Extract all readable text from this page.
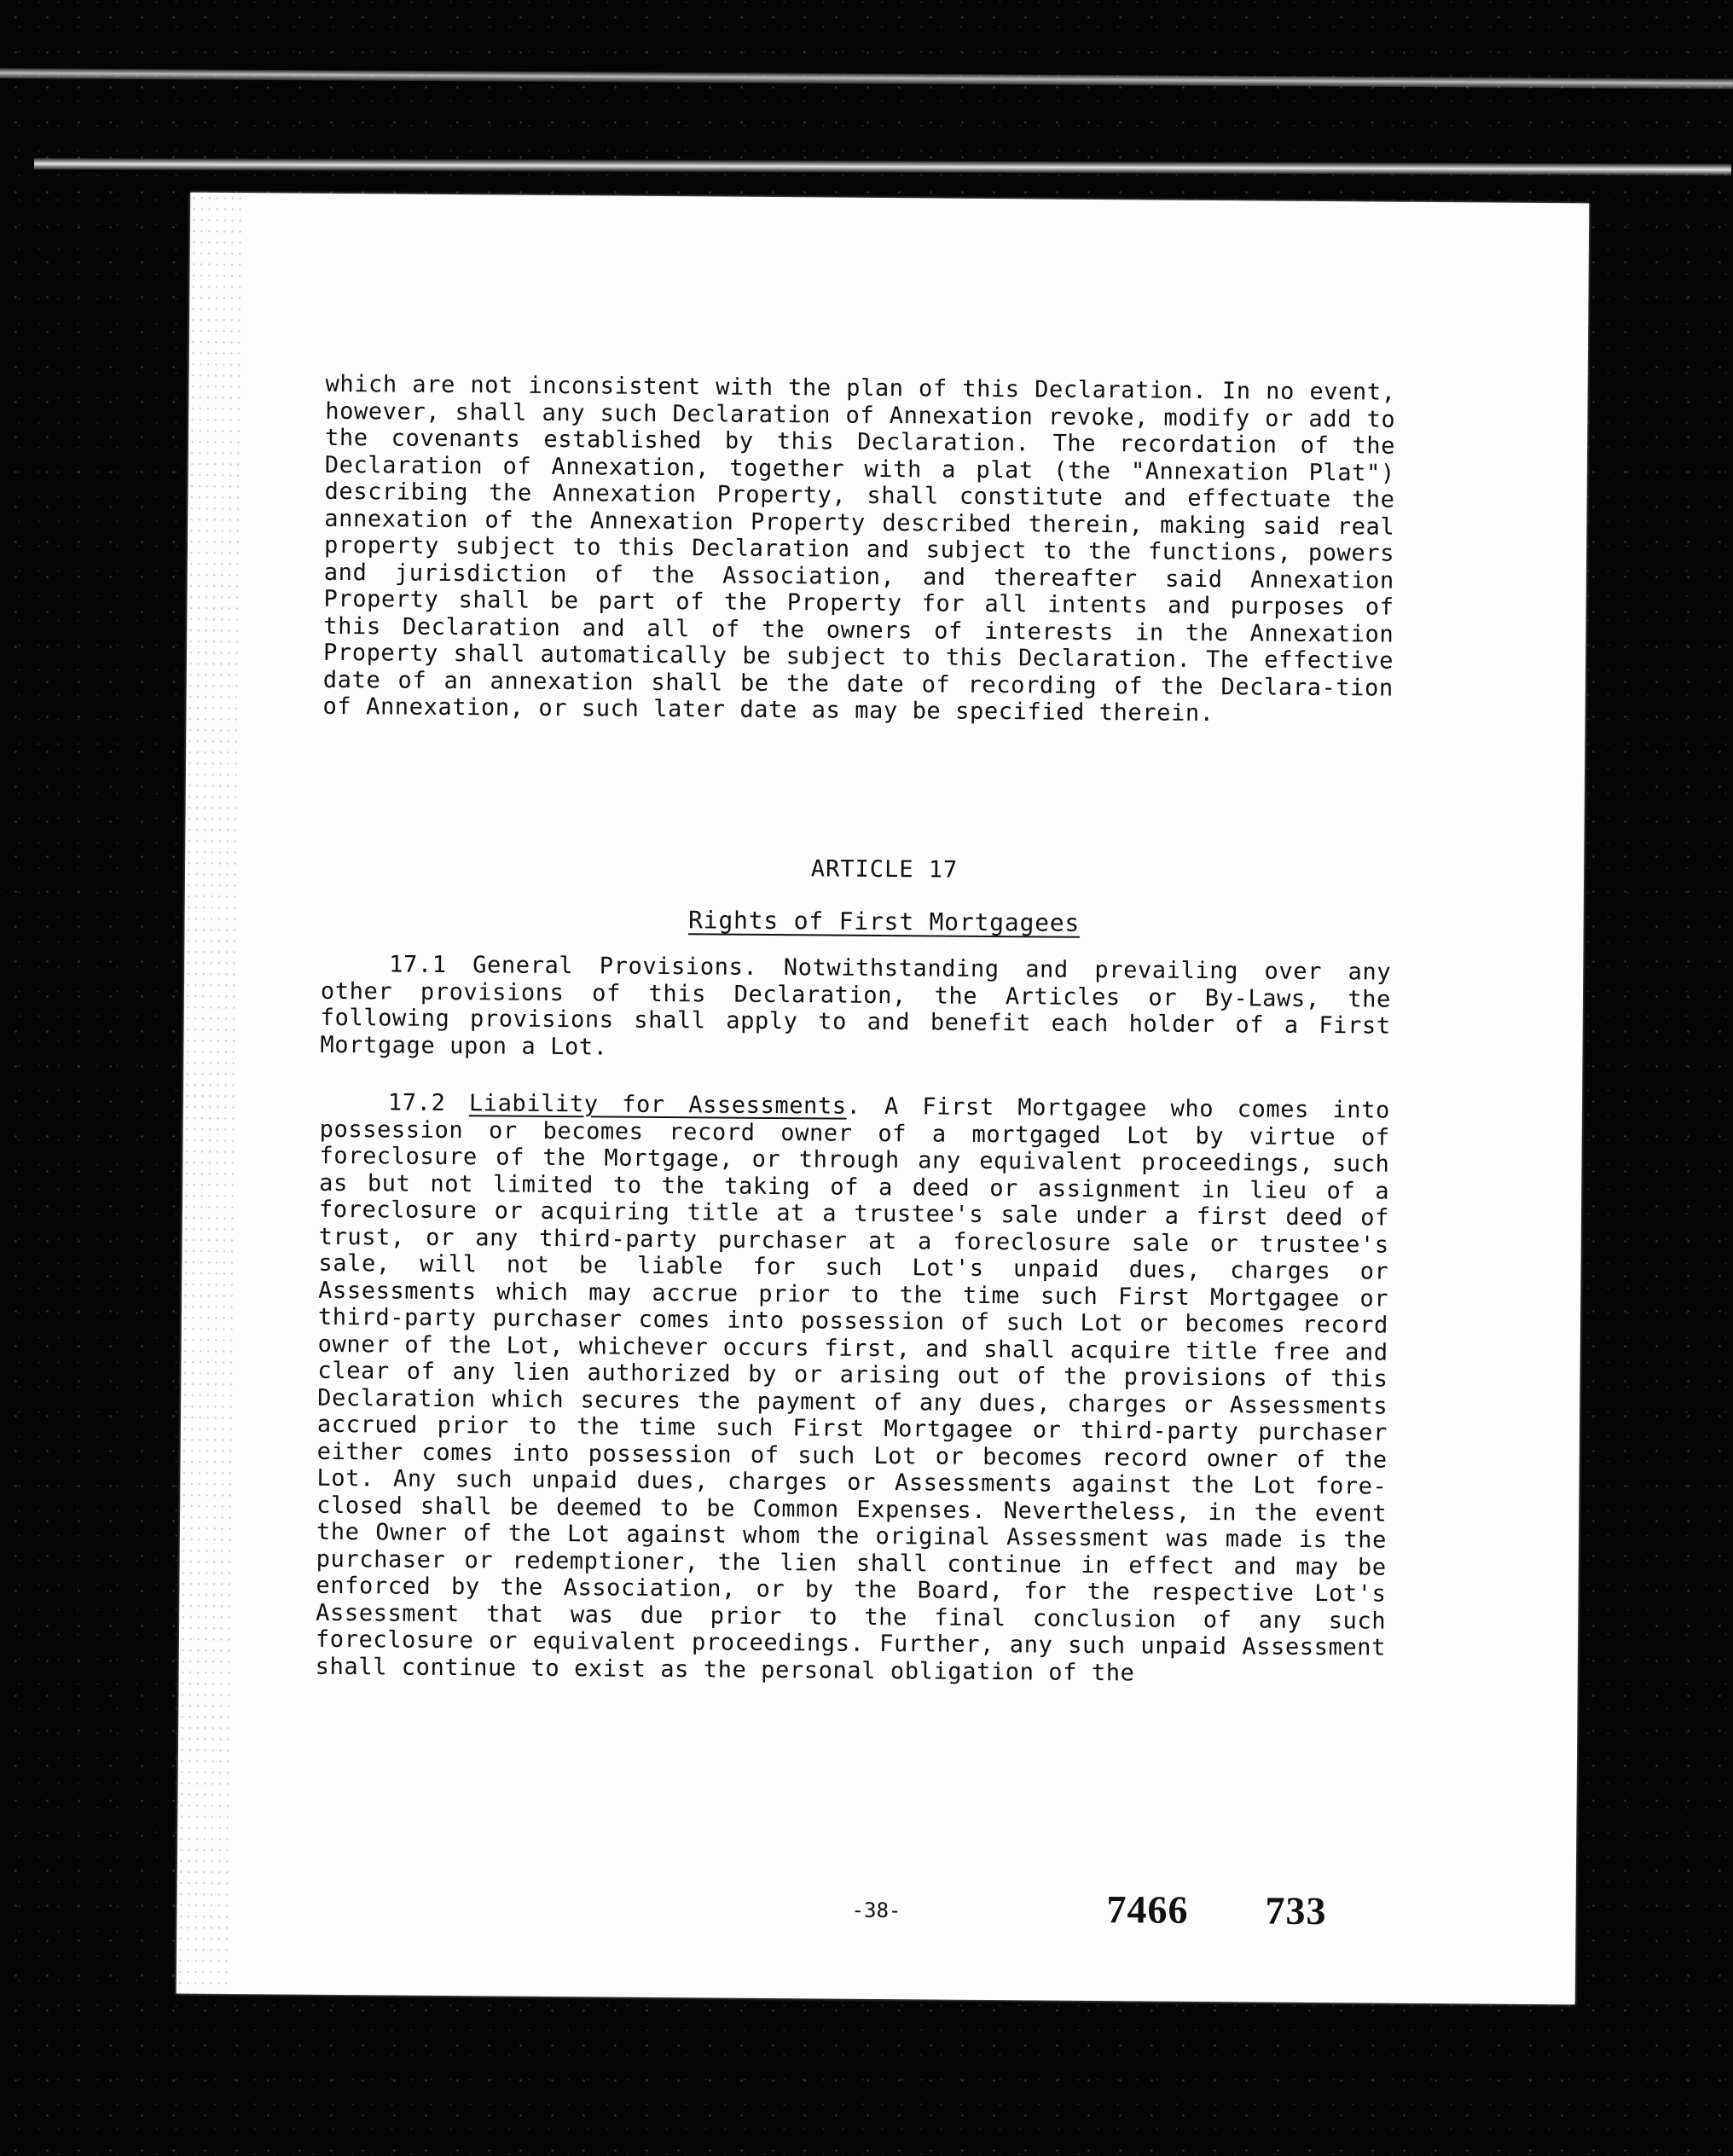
which are not inconsistent with the plan of this Declaration. In no event, however, shall any such Declaration of Annexation revoke, modify or add to the covenants established by this Declaration. The recordation of the Declaration of Annexation, together with a plat (the "Annexation Plat") describing the Annexation Property, shall constitute and effectuate the annexation of the Annexation Property described therein, making said real property subject to this Declaration and subject to the functions, powers and jurisdiction of the Association, and thereafter said Annexation Property shall be part of the Property for all intents and purposes of this Declaration and all of the owners of interests in the Annexation Property shall automatically be subject to this Declaration. The effective date of an annexation shall be the date of recording of the Declara-tion of Annexation, or such later date as may be specified therein.

ARTICLE 17
Rights of First Mortgagees

17.1 General Provisions. Notwithstanding and prevailing over any other provisions of this Declaration, the Articles or By-Laws, the following provisions shall apply to and benefit each holder of a First Mortgage upon a Lot.

17.2 Liability for Assessments. A First Mortgagee who comes into possession or becomes record owner of a mortgaged Lot by virtue of foreclosure of the Mortgage, or through any equivalent proceedings, such as but not limited to the taking of a deed or assignment in lieu of a foreclosure or acquiring title at a trustee's sale under a first deed of trust, or any third-party purchaser at a foreclosure sale or trustee's sale, will not be liable for such Lot's unpaid dues, charges or Assessments which may accrue prior to the time such First Mortgagee or third-party purchaser comes into possession of such Lot or becomes record owner of the Lot, whichever occurs first, and shall acquire title free and clear of any lien authorized by or arising out of the provisions of this Declaration which secures the payment of any dues, charges or Assessments accrued prior to the time such First Mortgagee or third-party purchaser either comes into possession of such Lot or becomes record owner of the Lot. Any such unpaid dues, charges or Assessments against the Lot fore-closed shall be deemed to be Common Expenses. Nevertheless, in the event the Owner of the Lot against whom the original Assessment was made is the purchaser or redemptioner, the lien shall continue in effect and may be enforced by the Association, or by the Board, for the respective Lot's Assessment that was due prior to the final conclusion of any such foreclosure or equivalent proceedings. Further, any such unpaid Assessment shall continue to exist as the personal obligation of the

-38-	7466 733
